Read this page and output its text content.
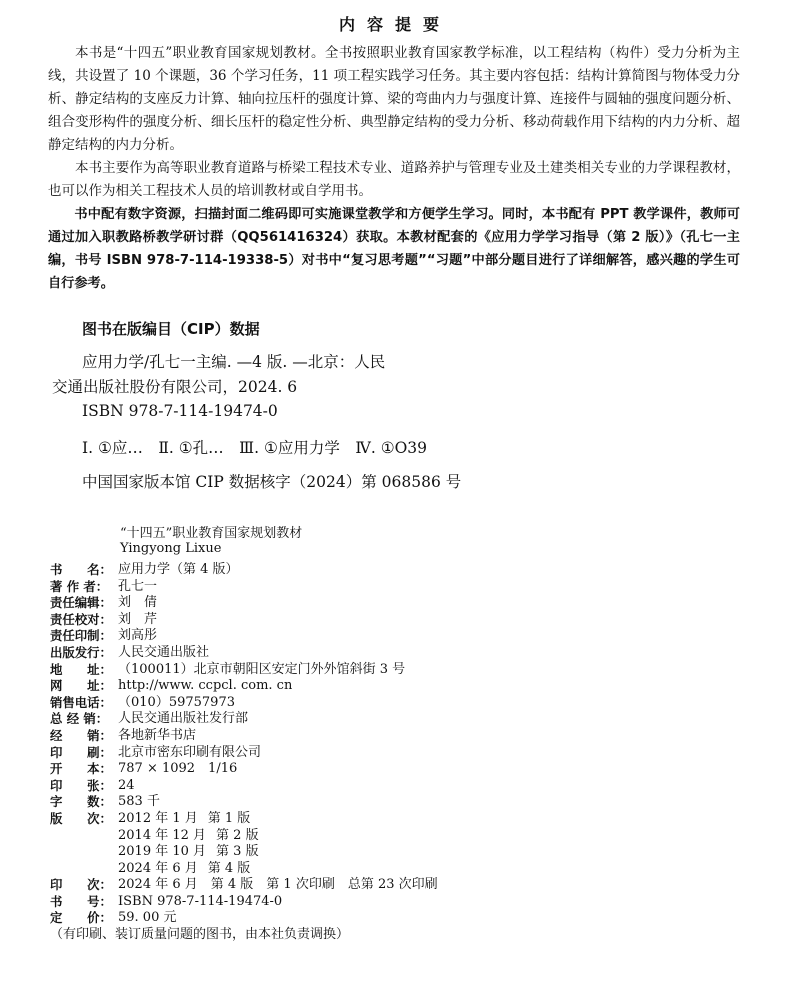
内容提要

本书是“十四五”职业教育国家规划教材。全书按照职业教育国家教学标准，以工程结构（构件）受力分析为主线，共设置了 10 个课题，36 个学习任务，11 项工程实践学习任务。其主要内容包括：结构计算简图与物体受力分析、静定结构的支座反力计算、轴向拉压杆的强度计算、梁的弯曲内力与强度计算、连接件与圆轴的强度问题分析、组合变形构件的强度分析、细长压杆的稳定性分析、典型静定结构的受力分析、移动荷载作用下结构的内力分析、超静定结构的内力分析。

本书主要作为高等职业教育道路与桥梁工程技术专业、道路养护与管理专业及土建类相关专业的力学课程教材，也可以作为相关工程技术人员的培训教材或自学用书。

书中配有数字资源，扫描封面二维码即可实施课堂教学和方便学生学习。同时，本书配有 PPT 教学课件，教师可通过加入职教路桥教学研讨群（QQ561416324）获取。本教材配套的《应用力学学习指导（第 2 版）》（孔七一主编，书号 ISBN 978-7-114-19338-5）对书中“复习思考题”“习题”中部分题目进行了详细解答，感兴趣的学生可自行参考。

图书在版编目（CIP）数据
应用力学/孔七一主编. —4 版. —北京：人民
交通出版社股份有限公司，2024. 6
ISBN 978-7-114-19474-0
Ⅰ. ①应…　Ⅱ. ①孔…　Ⅲ. ①应用力学　Ⅳ. ①O39
中国国家版本馆 CIP 数据核字（2024）第 068586 号
“十四五”职业教育国家规划教材
Yingyong Lixue
书　　名： 应用力学（第 4 版）
著 作 者： 孔七一
责任编辑： 刘　倩
责任校对： 刘　芹
责任印制： 刘高彤
出版发行： 人民交通出版社
地　　址： （100011）北京市朝阳区安定门外外馆斜街 3 号
网　　址： http://www. ccpcl. com. cn
销售电话： （010）59757973
总 经 销： 人民交通出版社发行部
经　　销： 各地新华书店
印　　刷： 北京市密东印刷有限公司
开　　本： 787 × 1092　1/16
印　　张： 24
字　　数： 583 千
版　　次： 2012 年 1 月 第 1 版
2014 年 12 月 第 2 版
2019 年 10 月 第 3 版
2024 年 6 月 第 4 版
印　　次： 2024 年 6 月　第 4 版　第 1 次印刷　总第 23 次印刷
书　　号： ISBN 978-7-114-19474-0
定　　价： 59. 00 元
（有印刷、装订质量问题的图书，由本社负责调换）
